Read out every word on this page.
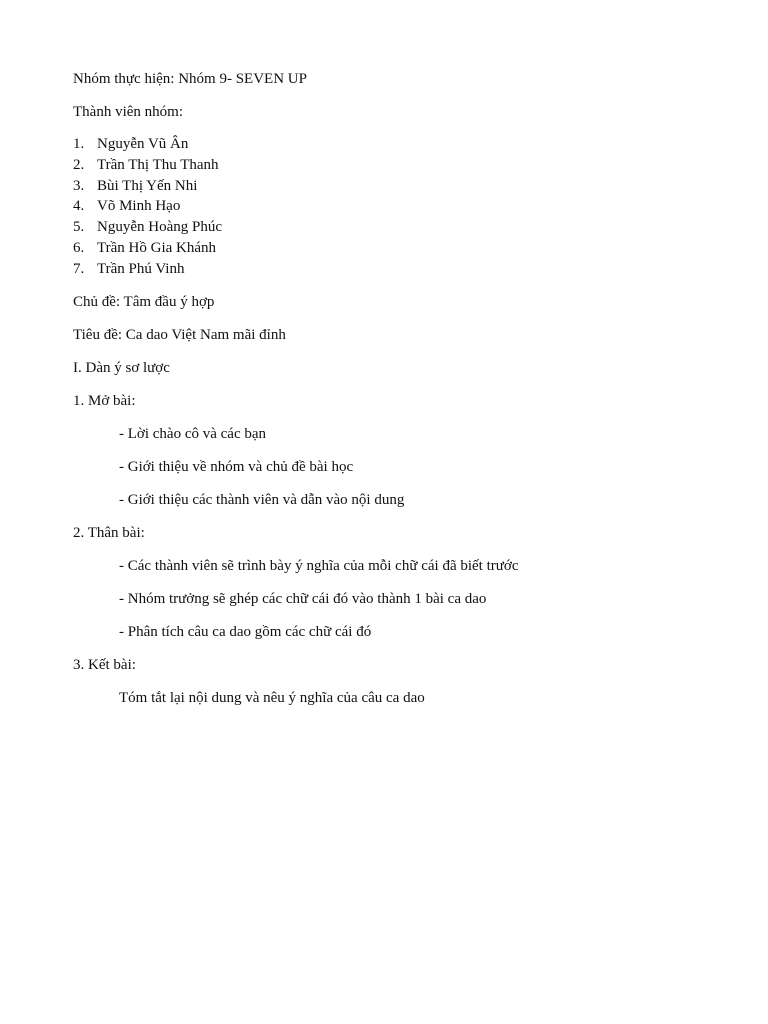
Nhóm thực hiện: Nhóm 9- SEVEN UP
Thành viên nhóm:
1. Nguyễn Vũ Ân
2. Trần Thị Thu Thanh
3. Bùi Thị Yến Nhi
4. Võ Minh Hạo
5. Nguyễn Hoàng Phúc
6. Trần Hồ Gia Khánh
7. Trần Phú Vinh
Chủ đề: Tâm đầu ý hợp
Tiêu đề: Ca dao Việt Nam mãi đỉnh
I. Dàn ý sơ lược
1. Mở bài:
- Lời chào cô và các bạn
- Giới thiệu về nhóm và chủ đề bài học
- Giới thiệu các thành viên và dẫn vào nội dung
2. Thân bài:
- Các thành viên sẽ trình bày ý nghĩa của mỗi chữ cái đã biết trước
- Nhóm trưởng sẽ ghép các chữ cái đó vào thành 1 bài ca dao
- Phân tích câu ca dao gồm các chữ cái đó
3. Kết bài:
Tóm tắt lại nội dung và nêu ý nghĩa của câu ca dao
